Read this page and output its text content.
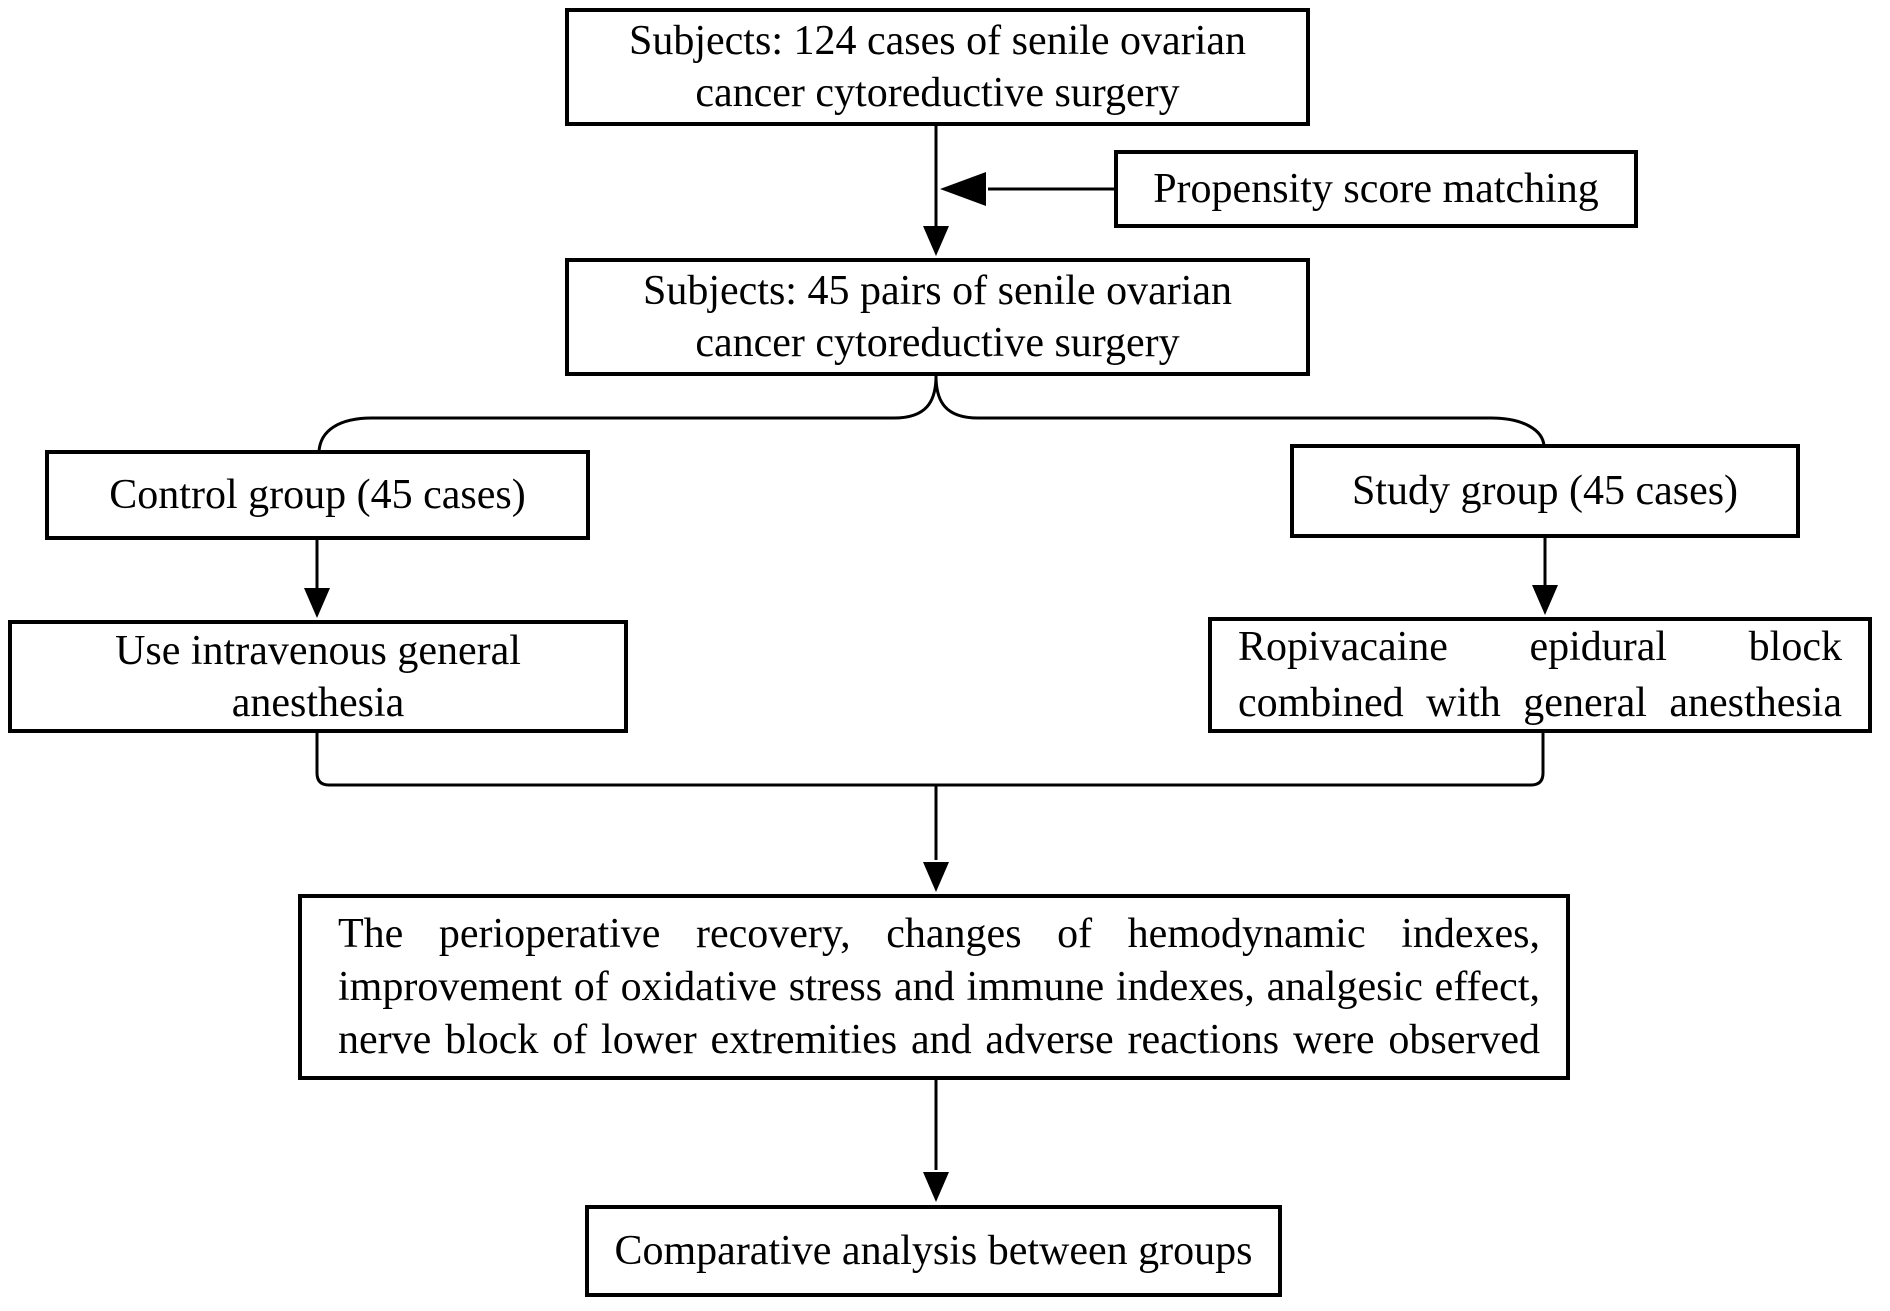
Subjects: 124 cases of senile ovarian
cancer cytoreductive surgery
Propensity score matching
Subjects: 45 pairs of senile ovarian
cancer cytoreductive surgery
Control group (45 cases)	Study group (45 cases)
Use intravenous general
anesthesia
Ropivacaine epidural block
combined with general anesthesia
The perioperative recovery, changes of hemodynamic indexes,
improvement of oxidative stress and immune indexes, analgesic effect,
nerve block of lower extremities and adverse reactions were observed
Comparative analysis between groups
